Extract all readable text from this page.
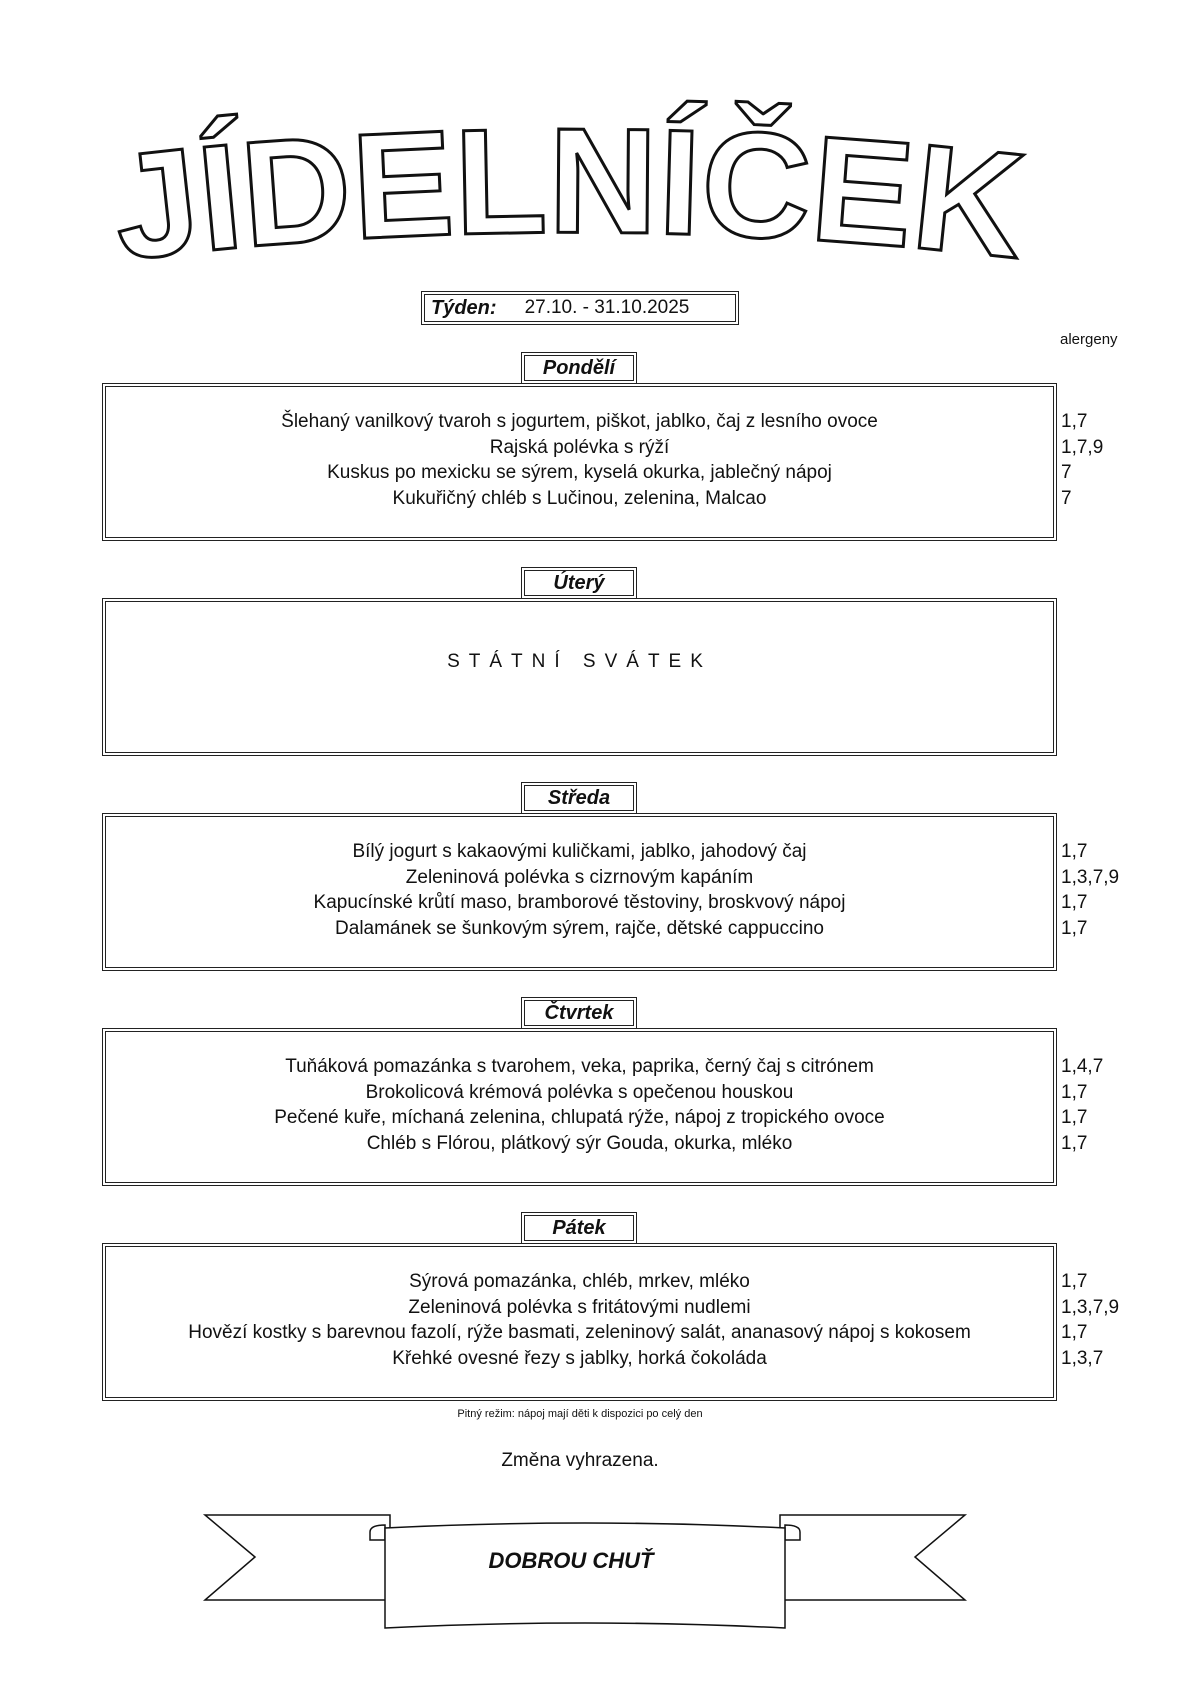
JÍDELNÍČEK
Týden: 27.10. - 31.10.2025
alergeny
Pondělí
Šlehaný vanilkový tvaroh s jogurtem, piškot, jablko, čaj z lesního ovoce
Rajská polévka s rýží
Kuskus po mexicku se sýrem, kyselá okurka, jablečný nápoj
Kukuřičný chléb s Lučinou, zelenina, Malcao
1,7
1,7,9
7
7
Úterý
STÁTNÍ SVÁTEK
Středa
Bílý jogurt s kakaovými kuličkami, jablko, jahodový čaj
Zeleninová polévka s cizrnovým kapáním
Kapucínské krůtí maso, bramborové těstoviny, broskvový nápoj
Dalamánek se šunkovým sýrem, rajče, dětské cappuccino
1,7
1,3,7,9
1,7
1,7
Čtvrtek
Tuňáková pomazánka s tvarohem, veka, paprika, černý čaj s citrónem
Brokolicová krémová polévka s opečenou houskou
Pečené kuře, míchaná zelenina, chlupatá rýže, nápoj z tropického ovoce
Chléb s Flórou, plátkový sýr Gouda, okurka, mléko
1,4,7
1,7
1,7
1,7
Pátek
Sýrová pomazánka, chléb, mrkev, mléko
Zeleninová polévka s fritátovými nudlemi
Hovězí kostky s barevnou fazolí, rýže basmati, zeleninový salát, ananasový nápoj s kokosem
Křehké ovesné řezy s jablky, horká čokoláda
1,7
1,3,7,9
1,7
1,3,7
Pitný režim: nápoj mají děti k dispozici po celý den
Změna vyhrazena.
DOBROU CHUŤ
